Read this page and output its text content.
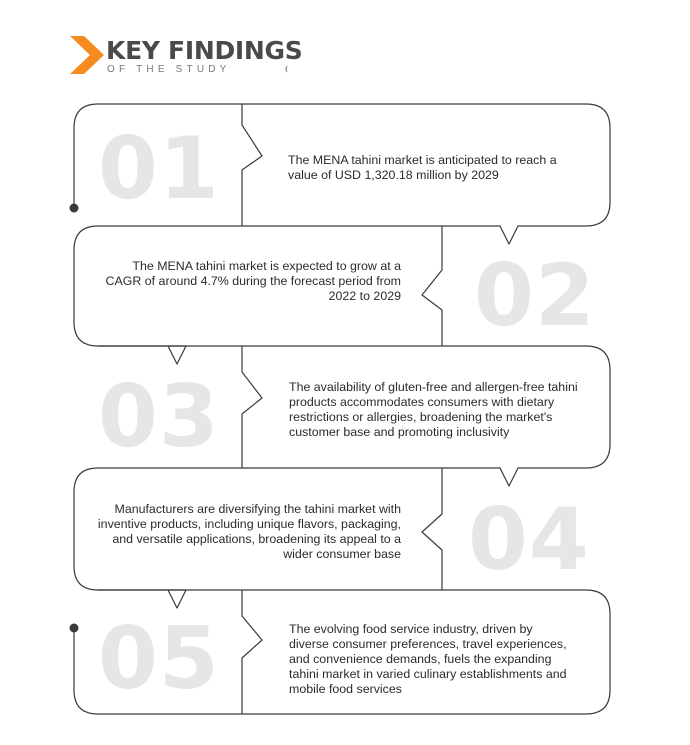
KEY FINDINGS
OF THE STUDY
01	The MENA tahini market is anticipated to reach a value of USD 1,320.18 million by 2029
02
The MENA tahini market is expected to grow at a CAGR of around 4.7% during the forecast period from 2022 to 2029
03	The availability of gluten-free and allergen-free tahini products accommodates consumers with dietary restrictions or allergies, broadening the market's customer base and promoting inclusivity
04
Manufacturers are diversifying the tahini market with inventive products, including unique flavors, packaging, and versatile applications, broadening its appeal to a wider consumer base
05	The evolving food service industry, driven by diverse consumer preferences, travel experiences, and convenience demands, fuels the expanding tahini market in varied culinary establishments and mobile food services
